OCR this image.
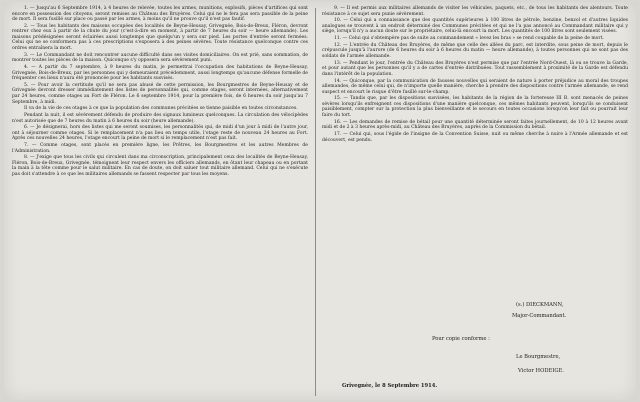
1. — Jusqu'au 6 Septembre 1914, à 4 heures de relevée, toutes les armes, munitions, explosifs, pièces d'artifices qui sont encore en possession des citoyens, seront remises au Château des Bruyères. Celui qui ne le fera pas sera passible de la peine de mort. Il sera fusillé sur place ou passé par les armes, à moins qu'il ne prouve qu'il n'est pas fautif.

2. — Tous les habitants des maisons occupées des localités de Beyne-Heusay, Grivegnée, Bois-de-Breux, Fléron, devront rentrer chez eux à partir de la chute du jour (c'est-à-dire en moment, à partir de 7 heures du soir — heure allemande). Les maisons prédésignées seront éclairées aussi longtemps que quelqu'un y sera sur pied. Les portes d'entrée seront fermées. Celui qui ne se conformera pas à ces prescriptions s'exposera à des peines sévères. Toute résistance quelconque contre ces ordres entraînera la mort.

3. — Le Commandant ne doit rencontrer aucune difficulté dans ses visites domiciliaires. On est prié, sans sommation, de montrer toutes les pièces de la maison. Quiconque s'y opposera sera sévèrement puni.

4. — A partir du 7 septembre, à 9 heures du matin, je permettrai l'occupation des habitations de Beyne-Heusay, Grivegnée, Bois-de-Breux, par les personnes qui y demeuraient précédemment, aussi longtemps qu'aucune défense formelle de fréquenter ces lieux n'aura été prononcée pour les habitants susvisés.

5. — Pour avoir la certitude qu'il ne sera pas abusé de cette permission, les Bourgmestres de Beyne-Heusay et de Grivegnée devront dresser immédiatement des listes de personnalités qui, comme otages, seront internées, alternativement par 24 heures, comme otages au Fort de Fléron. Le 6 septembre 1914, pour la première fois, de 6 heures du soir jusqu'au 7 Septembre, à midi.

Il va de la vie de ces otages à ce que la population des communes précitées se tienne paisible en toutes circonstances.

Pendant la nuit, il est sévèrement défendu de produire des signaux lumineux quelconques. La circulation des vélocipèdes n'est autorisée que de 7 heures du matin à 6 heures du soir (heure allemande).

6. — Je désignerai, hors des listes qui me seront soumises, les personnalités qui, de midi d'un jour à midi de l'autre jour, ont à séjourner comme otages. Si le remplacement n'a pas lieu en temps utile, l'otage reste de nouveau 24 heures au Fort. Après ces nouvelles 24 heures, l'otage encourt la peine de mort si le remplacement n'est pas fait.

7. — Comme otages, sont placés en première ligne, les Prêtres, les Bourgmestres et les autres Membres de l'Administration.

8. — J'exige que tous les civils qui circulent dans ma circonscription, principalement ceux des localités de Beyne-Heusay, Fléron, Bois-de-Breux, Grivegnée, témoignent leur respect envers les officiers allemands, en ôtant leur chapeau ou en portant la main à la tête comme pour le salut militaire. En cas de doute, on doit saluer tout militaire allemand. Celui qui ne s'exécute pas doit s'attendre à ce que les militaires allemands se fassent respecter par tous les moyens.

9. — Il est permis aux militaires allemands de visiter les véhicules, paquets, etc., de tous les habitants des alentours. Toute résistance à ce sujet sera punie sévèrement.

10. — Celui qui a connaissance que des quantités supérieures à 100 litres de pétrole, benzine, benzol et d'autres liquides analogues se trouvent à un endroit déterminé des Communes précitées et qui ne l'a pas annoncé au Commandant militaire qui y siège, lorsqu'il n'y a aucun doute sur le propriétaire, celui-là encourt la mort. Les quantités de 100 litres sont seulement visées.

11. — Celui qui s'obtempère pas de suite au commandement « levez les bras » se rend coupable de la peine de mort.

12. — L'entrée du Château des Bruyères, de même que celle des allées du parc, est interdite, sous peine de mort, depuis le crépuscule jusqu'à l'aurore (de 6 heures du soir à 6 heures du matin — heure allemande), à toutes personnes qui ne sont pas des soldats de l'armée allemande.

13. — Pendant le jour, l'entrée du Château des Bruyères n'est permise que par l'entrée Nord-Ouest, là ou se trouve la Garde, et pour autant que les personnes qu'il y a de cartes d'entrée distribuées. Tout rassemblement à proximité de la Garde est défendu dans l'intérêt de la population.

14. — Quiconque, par la communication de fausses nouvelles qui seraient de nature à porter préjudice au moral des troupes allemandes, de même celui qui, de n'importe quelle manière, cherche à prendre des dispositions contre l'armée allemande, se rend suspect et encourt le risque d'être fusillé sur-le-champ.

15. — Tandis que, par les dispositions susvisées, les habitants de la région de la forteresse III B. sont menacés de peines sévères lorsqu'ils enfreignent ces dispositions d'une manière quelconque, ces mêmes habitants peuvent, lorsqu'ils se conduisent paisiblement, compter sur la protection la plus bienveillante et le secours en toutes occasions lorsqu'on leur fait ou pourrait leur faire du tort.

16. — Les demandes de remise de bétail pour une quantité déterminée seront faites journellement, de 10 à 12 heures avant midi et de 2 à 3 heures après-midi, au Château des Bruyères, auprès de la Commission du bétail.

17. — Celui qui, sous l'égide de l'insigne de la Convention Suisse, nuit ou même cherche à nuire à l'Armée allemande et est découvert, est pendu.

(s.) DIECKMANN,
Major-Commandant.
Pour copie conforme :
Le Bourgmestre,
Victor HODEIGE.
Grivegnée, le 8 Septembre 1914.
